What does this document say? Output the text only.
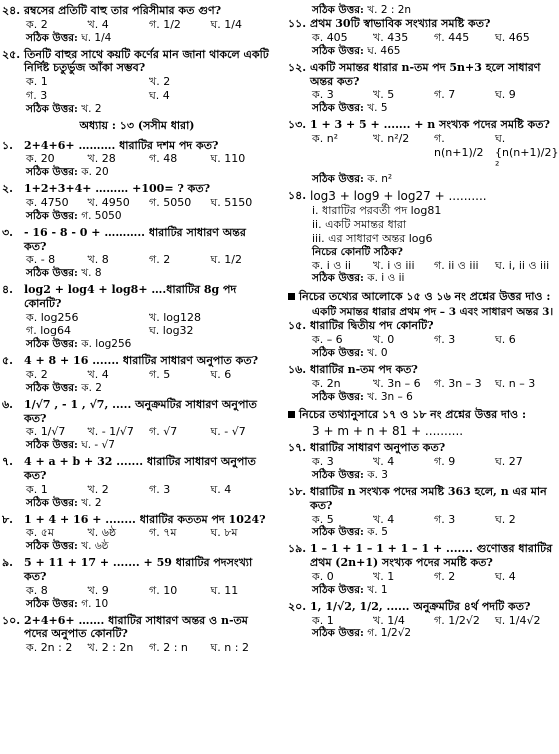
২৪. রম্বসের প্রতিটি বাহু তার পরিসীমার কত গুণ?
ক. 2	খ. 4	গ. 1/2	ঘ. 1/4
সঠিক উত্তর: ঘ. 1/4
২৫. তিনটি বাহুর সাথে কয়টি কর্ণের মান জানা থাকলে একটি নির্দিষ্ট চতুর্ভুজ আঁকা সম্ভব?
ক. 1	খ. 2
গ. 3	ঘ. 4
সঠিক উত্তর: খ. 2
অধ্যায় : ১৩ (সসীম ধারা)
১.	2+4+6+ ………. ধারাটির দশম পদ কত?
ক. 20	খ. 28	গ. 48	ঘ. 110
সঠিক উত্তর: ক. 20
২.	1+2+3+4+ ……… +100= ? কত?
ক. 4750	খ. 4950	গ. 5050	ঘ. 5150
সঠিক উত্তর: গ. 5050
৩.	- 16 - 8 - 0 + ……….. ধারাটির সাধারণ অন্তর কত?
ক. - 8	খ. 8	গ. 2	ঘ. 1/2
সঠিক উত্তর: খ. 8
৪.	log2 + log4 + log8+ ….ধারাটির 8g পদ কোনটি?
ক. log256	খ. log128
গ. log64	ঘ. log32
সঠিক উত্তর: ক. log256
৫.	4 + 8 + 16 ....... ধারাটির সাধারণ অনুপাত কত?
ক. 2	খ. 4	গ. 5	ঘ. 6
সঠিক উত্তর: ক. 2
৬.	1/√7 , - 1 , √7, ..... অনুক্রমটির সাধারণ অনুপাত কত?
ক. 1/√7	খ. - 1/√7	গ. √7	ঘ. - √7
সঠিক উত্তর: ঘ. - √7
৭.	4 + a + b + 32 ....... ধারাটির সাধারণ অনুপাত কত?
ক. 1	খ. 2	গ. 3	ঘ. 4
সঠিক উত্তর: খ. 2
৮.	1 + 4 + 16 + ........ ধারাটির কততম পদ 1024?
ক. ৫ম	খ. ৬ষ্ঠ	গ. ৭ম	ঘ. ৮ম
সঠিক উত্তর: খ. ৬ষ্ঠ
৯.	5 + 11 + 17 + ....... + 59 ধারাটির পদসংখ্যা কত?
ক. 8	খ. 9	গ. 10	ঘ. 11
সঠিক উত্তর: গ. 10
১০. 2+4+6+ ……. ধারাটির সাধারণ অন্তর ও n-তম পদের অনুপাত কোনটি?
ক. 2n : 2	খ. 2 : 2n	গ. 2 : n	ঘ. n : 2
সঠিক উত্তর: খ. 2 : 2n
১১. প্রথম 30টি স্বাভাবিক সংখ্যার সমষ্টি কত?
ক. 405	খ. 435	গ. 445	ঘ. 465
সঠিক উত্তর: ঘ. 465
১২. একটি সমান্তর ধারার n-তম পদ 5n+3 হলে সাধারণ অন্তর কত?
ক. 3	খ. 5	গ. 7	ঘ. 9
সঠিক উত্তর: খ. 5
১৩. 1 + 3 + 5 + ....... + n সংখ্যক পদের সমষ্টি কত?
ক. n²	খ. n²/2	গ. n(n+1)/2
ঘ. {n(n+1)/2}²
সঠিক উত্তর: ক. n²
১৪. log3 + log9 + log27 + ..........
i. ধারাটির পরবর্তী পদ log81
ii. একটি সমান্তর ধারা
iii. এর সাধারণ অন্তর log6
নিচের কোনটি সঠিক?
ক. i ও ii	খ. i ও iii	গ. ii ও iii	ঘ. i, ii ও iii
সঠিক উত্তর: ক. i ও ii
নিচের তথ্যের আলোকে ১৫ ও ১৬ নং প্রশ্নের উত্তর দাও :
একটি সমান্তর ধারার প্রথম পদ – 3 এবং সাধারণ অন্তর 3।
১৫. ধারাটির দ্বিতীয় পদ কোনটি?
ক. – 6	খ. 0	গ. 3	ঘ. 6
সঠিক উত্তর: খ. 0
১৬. ধারাটির n-তম পদ কত?
ক. 2n	খ. 3n – 6	গ. 3n – 3	ঘ. n – 3
সঠিক উত্তর: খ. 3n – 6
নিচের তথ্যানুসারে ১৭ ও ১৮ নং প্রশ্নের উত্তর দাও :
3 + m + n + 81 + ..........
১৭. ধারাটির সাধারণ অনুপাত কত?
ক. 3	খ. 4	গ. 9	ঘ. 27
সঠিক উত্তর: ক. 3
১৮. ধারাটির n সংখ্যক পদের সমষ্টি 363 হলে, n এর মান কত?
ক. 5	খ. 4	গ. 3	ঘ. 2
সঠিক উত্তর: ক. 5
১৯. 1 – 1 + 1 – 1 + 1 – 1 + ....... গুণোত্তর ধারাটির প্রথম (2n+1) সংখ্যক পদের সমষ্টি কত?
ক. 0	খ. 1	গ. 2	ঘ. 4
সঠিক উত্তর: খ. 1
২০. 1, 1/√2, 1/2, ...... অনুক্রমটির ৪র্থ পদটি কত?
ক. 1	খ. 1/4	গ. 1/2√2	ঘ. 1/4√2
সঠিক উত্তর: গ. 1/2√2
